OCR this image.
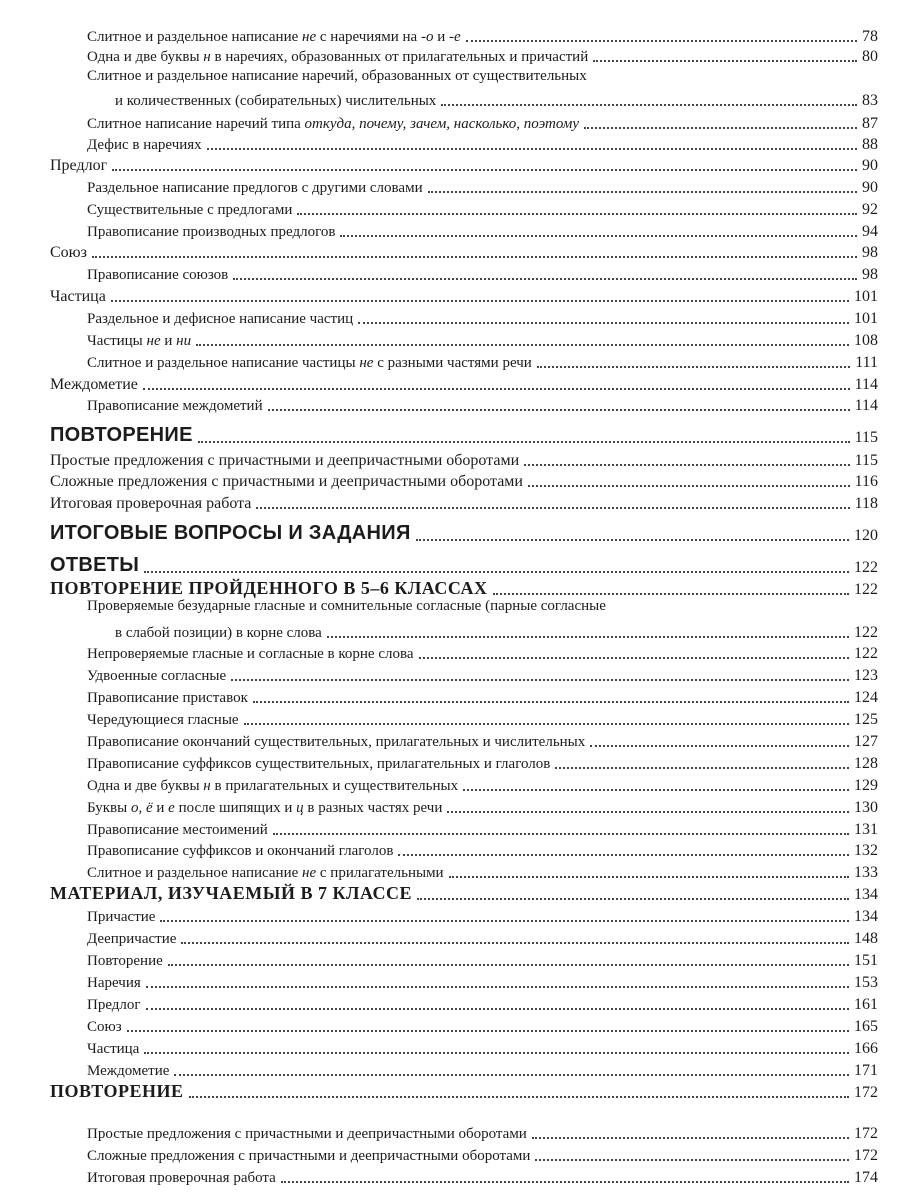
Слитное и раздельное написание не с наречиями на -о и -е	78
Одна и две буквы н в наречиях, образованных от прилагательных и причастий	80
Слитное и раздельное написание наречий, образованных от существительных
и количественных (собирательных) числительных	83
Слитное написание наречий типа откуда, почему, зачем, насколько, поэтому	87
Дефис в наречиях	88
Предлог	90
Раздельное написание предлогов с другими словами	90
Существительные с предлогами	92
Правописание производных предлогов	94
Союз	98
Правописание союзов	98
Частица	101
Раздельное и дефисное написание частиц	101
Частицы не и ни	108
Слитное и раздельное написание частицы не с разными частями речи	111
Междометие	114
Правописание междометий	114
ПОВТОРЕНИЕ	115
Простые предложения с причастными и деепричастными оборотами	115
Сложные предложения с причастными и деепричастными оборотами	116
Итоговая проверочная работа	118
ИТОГОВЫЕ ВОПРОСЫ И ЗАДАНИЯ	120
ОТВЕТЫ	122
ПОВТОРЕНИЕ ПРОЙДЕННОГО В 5–6 КЛАССАХ	122
Проверяемые безударные гласные и сомнительные согласные (парные согласные
в слабой позиции) в корне слова	122
Непроверяемые гласные и согласные в корне слова	122
Удвоенные согласные	123
Правописание приставок	124
Чередующиеся гласные	125
Правописание окончаний существительных, прилагательных и числительных	127
Правописание суффиксов существительных, прилагательных и глаголов	128
Одна и две буквы н в прилагательных и существительных	129
Буквы о, ё и е после шипящих и ц в разных частях речи	130
Правописание местоимений	131
Правописание суффиксов и окончаний глаголов	132
Слитное и раздельное написание не с прилагательными	133
МАТЕРИАЛ, ИЗУЧАЕМЫЙ В 7 КЛАССЕ	134
Причастие	134
Деепричастие	148
Повторение	151
Наречия	153
Предлог	161
Союз	165
Частица	166
Междометие	171
ПОВТОРЕНИЕ	172
Простые предложения с причастными и деепричастными оборотами	172
Сложные предложения с причастными и деепричастными оборотами	172
Итоговая проверочная работа	174
